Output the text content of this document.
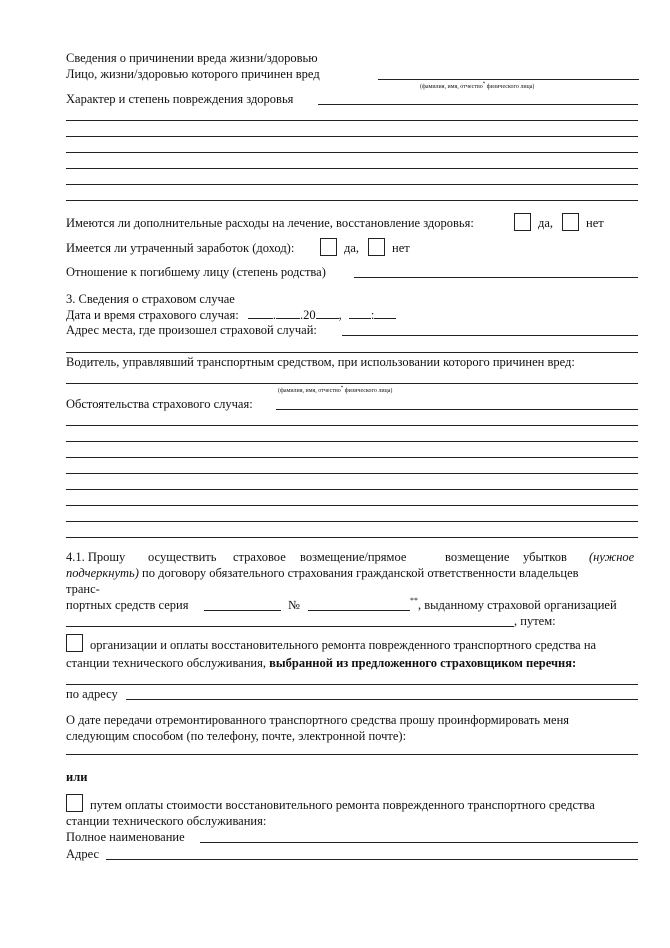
Сведения о причинении вреда жизни/здоровью
Лицо, жизни/здоровью которого причинен вред
(фамилия, имя, отчество* физического лица)
Характер и степень повреждения здоровья
Имеются ли дополнительные расходы на лечение, восстановление здоровья:	да,	нет
Имеется ли утраченный заработок (доход):	да,	нет
Отношение к погибшему лицу (степень родства)
3. Сведения о страховом случае
Дата и время страхового случая:	. .20 , :
Адрес места, где произошел страховой случай:
Водитель, управлявший транспортным средством, при использовании которого причинен вред:
(фамилия, имя, отчество* физического лица)
Обстоятельства страхового случая:
4.1. Прошу осуществить страховое возмещение/прямое	возмещение убытков (нужное
подчеркнуть) по договору обязательного страхования гражданской ответственности владельцев
транс-
портных средств серия	№	** , выданному страховой организацией
, путем:
организации и оплаты восстановительного ремонта поврежденного транспортного средства на
станции технического обслуживания, выбранной из предложенного страховщиком перечня:
по адресу
О дате передачи отремонтированного транспортного средства прошу проинформировать меня
следующим способом (по телефону, почте, электронной почте):
или
путем оплаты стоимости восстановительного ремонта поврежденного транспортного средства
станции технического обслуживания:
Полное наименование
Адрес
